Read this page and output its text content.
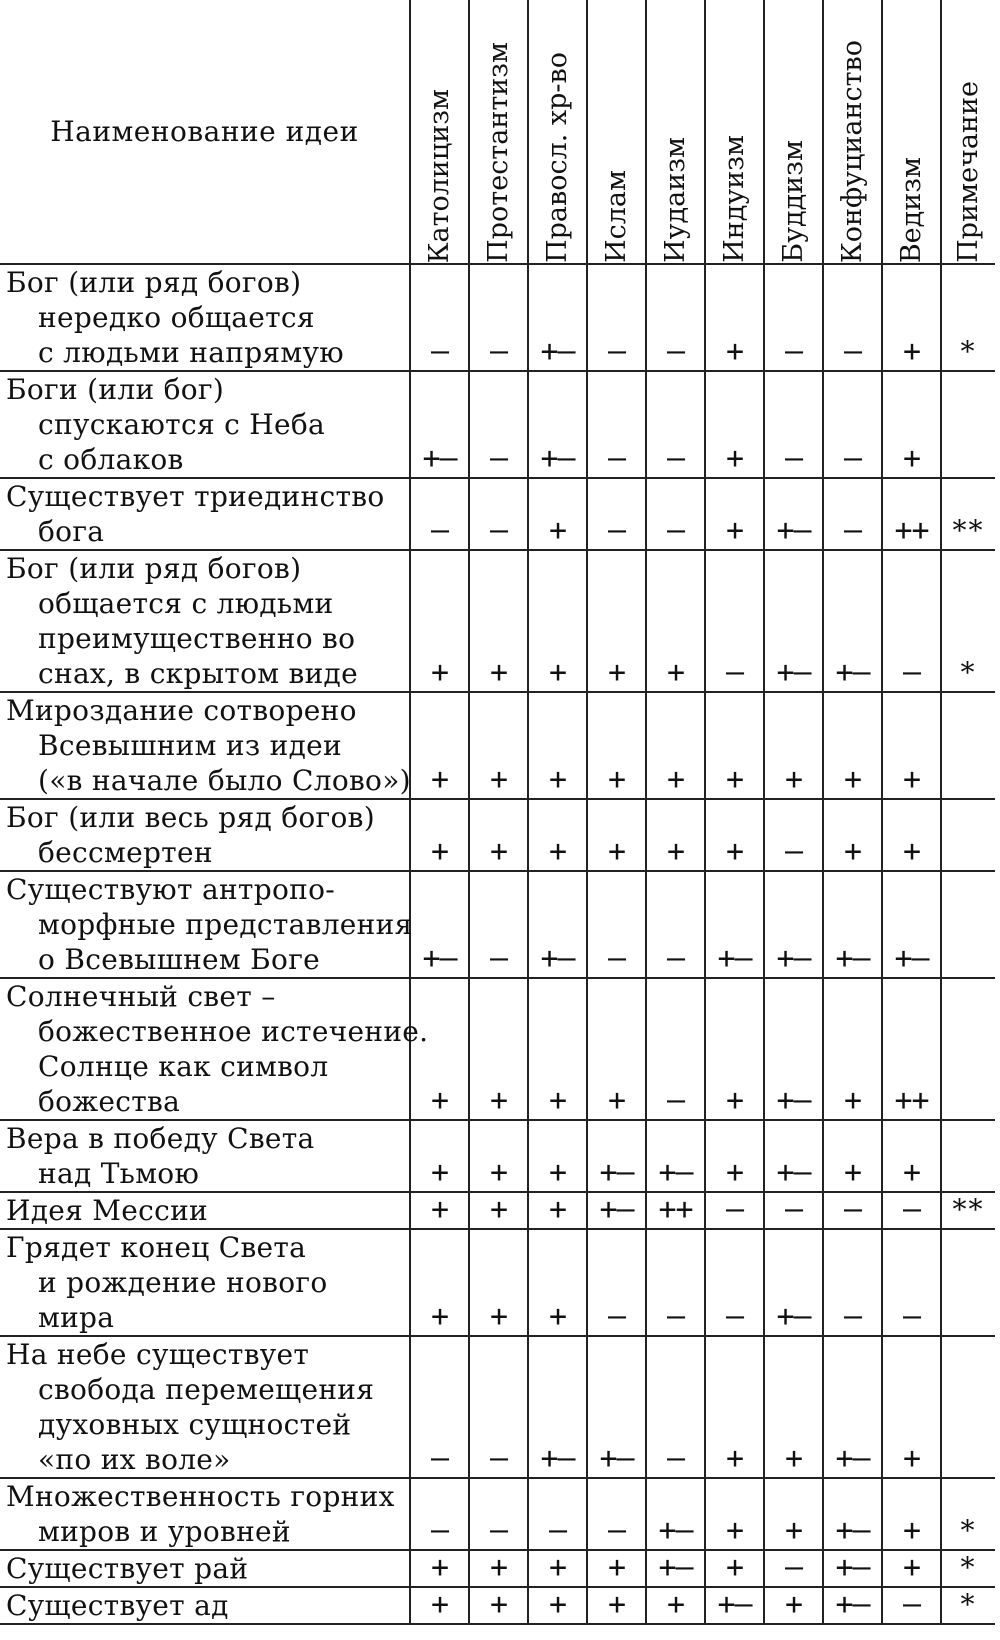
Наименование идеи	Католицизм	Протестантизм	Правосл. хр-во	Ислам	Иудаизм	Индуизм	Буддизм	Конфуцианство	Ведизм	Примечание

Бог (или ряд богов)
нередко общается
с людьми напрямую	–	–	+–	–	–	+	–	–	+	*

Боги (или бог)
спускаются с Неба
с облаков	+–	–	+–	–	–	+	–	–	+	

Существует триединство
бога	–	–	+	–	–	+	+–	–	++	**

Бог (или ряд богов)
общается с людьми
преимущественно во
снах, в скрытом виде	+	+	+	+	+	–	+–	+–	–	*

Мироздание сотворено
Всевышним из идеи
(«в начале было Слово»)	+	+	+	+	+	+	+	+	+	

Бог (или весь ряд богов)
бессмертен	+	+	+	+	+	+	–	+	+	

Существуют антропо-
морфные представления
о Всевышнем Боге	+–	–	+–	–	–	+–	+–	+–	+–	

Солнечный свет –
божественное истечение.
Солнце как символ
божества	+	+	+	+	–	+	+–	+	++	

Вера в победу Света
над Тьмою	+	+	+	+–	+–	+	+–	+	+	

Идея Мессии	+	+	+	+–	++	–	–	–	–	**

Грядет конец Света
и рождение нового
мира	+	+	+	–	–	–	+–	–	–	

На небе существует
свобода перемещения
духовных сущностей
«по их воле»	–	–	+–	+–	–	+	+	+–	+	

Множественность горних
миров и уровней	–	–	–	–	+–	+	+	+–	+	*

Существует рай	+	+	+	+	+–	+	–	+–	+	*

Существует ад	+	+	+	+	+	+–	+	+–	–	*
